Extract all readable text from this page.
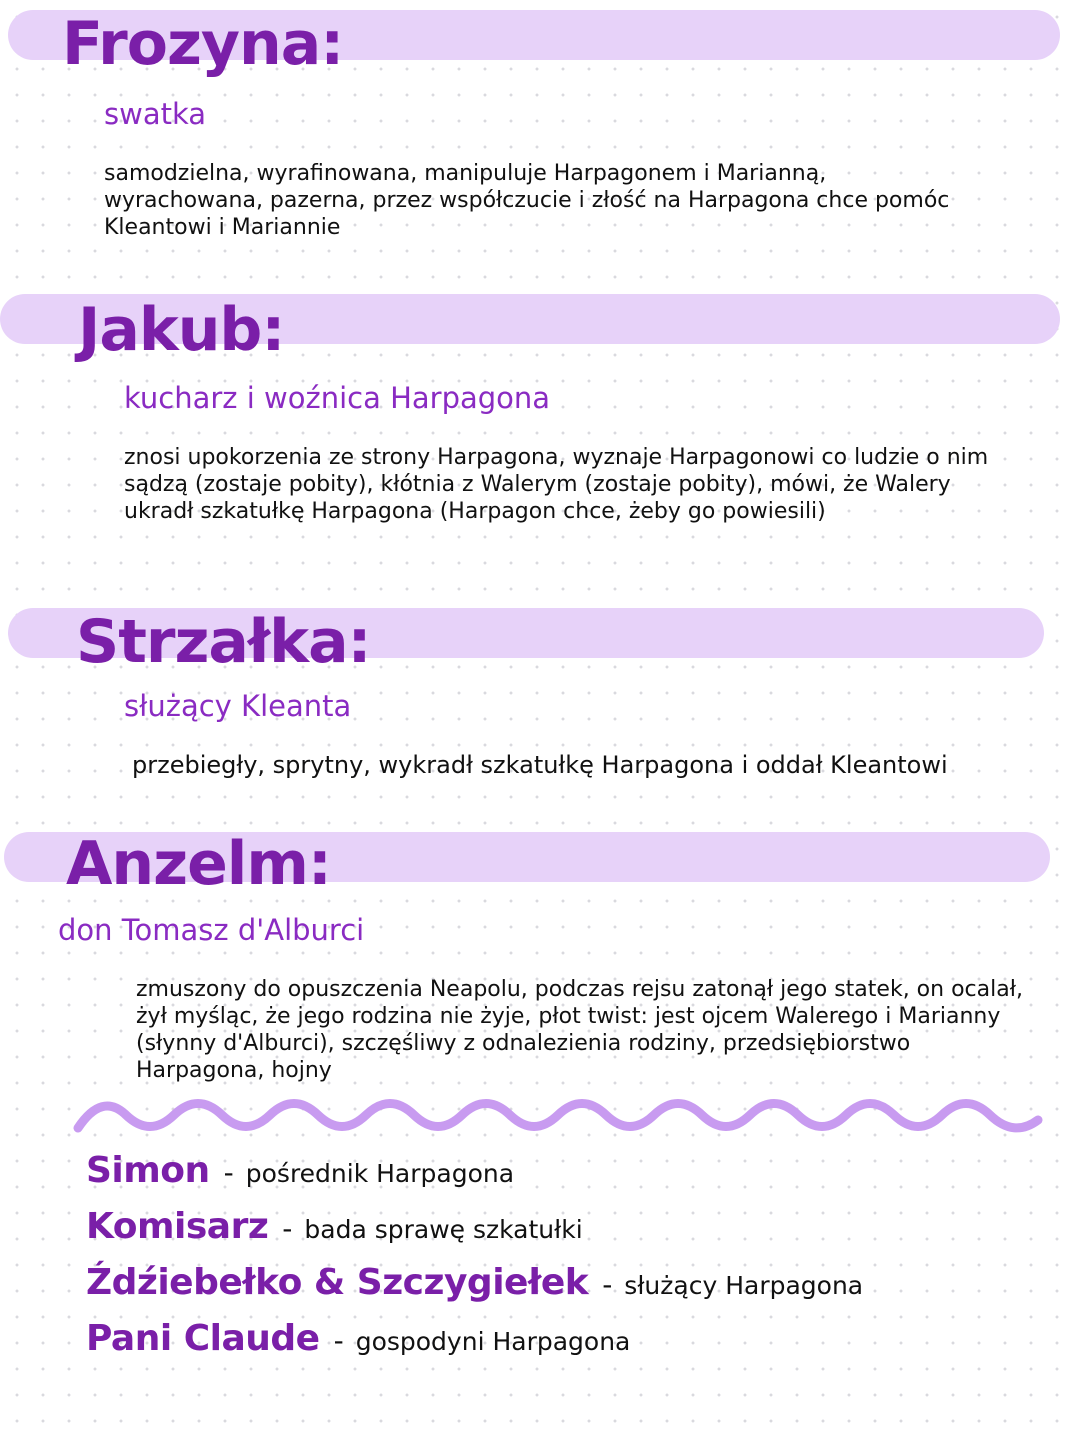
Frozyna:

swatka

samodzielna, wyrafinowana, manipuluje Harpagonem i Marianną, wyrachowana, pazerna, przez współczucie i złość na Harpagona chce pomóc Kleantowi i Mariannie

Jakub:

kucharz i woźnica Harpagona

znosi upokorzenia ze strony Harpagona, wyznaje Harpagonowi co ludzie o nim sądzą (zostaje pobity), kłótnia z Walerym (zostaje pobity), mówi, że Walery ukradł szkatułkę Harpagona (Harpagon chce, żeby go powiesili)

Strzałka:

służący Kleanta

przebiegły, sprytny, wykradł szkatułkę Harpagona i oddał Kleantowi

Anzelm:

don Tomasz d'Alburci

zmuszony do opuszczenia Neapolu, podczas rejsu zatonął jego statek, on ocalał, żył myśląc, że jego rodzina nie żyje, płot twist: jest ojcem Walerego i Marianny (słynny d'Alburci), szczęśliwy z odnalezienia rodziny, przedsiębiorstwo Harpagona, hojny

Simon - pośrednik Harpagona
Komisarz - bada sprawę szkatułki
Źdźiebełko & Szczygiełek - służący Harpagona
Pani Claude - gospodyni Harpagona
